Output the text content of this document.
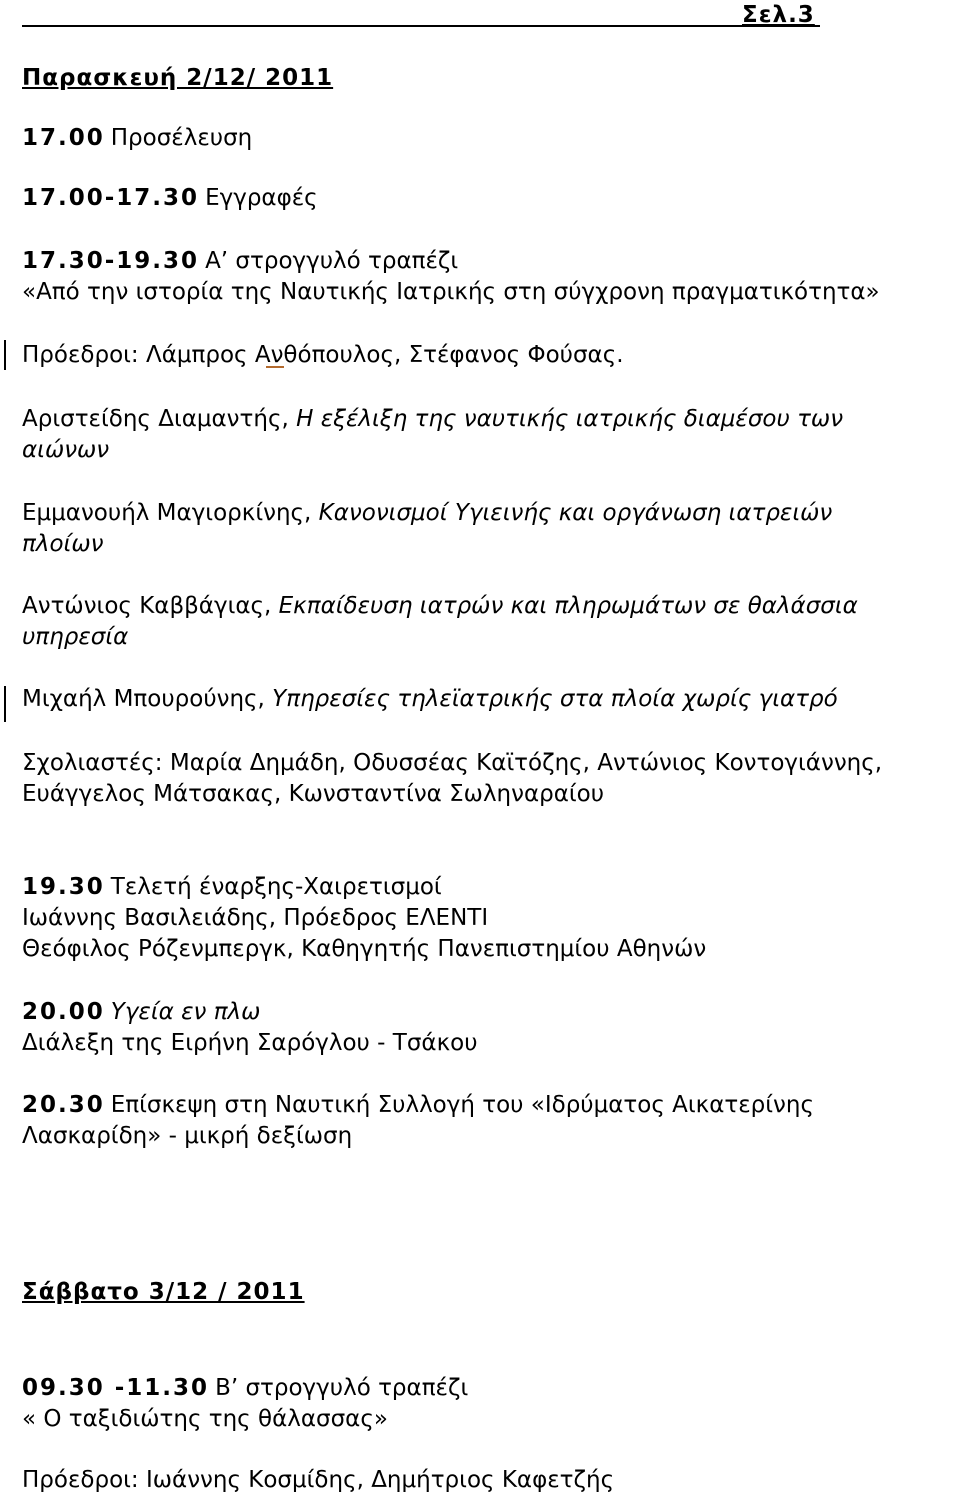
Σελ.3
Παρασκευή 2/12/ 2011
17.00 Προσέλευση
17.00-17.30 Εγγραφές
17.30-19.30 Α’ στρογγυλό τραπέζι
«Από την ιστορία της Ναυτικής Ιατρικής στη σύγχρονη πραγματικότητα»
Πρόεδροι: Λάμπρος Ανθόπουλος, Στέφανος Φούσας.
Αριστείδης Διαμαντής, Η εξέλιξη της ναυτικής ιατρικής διαμέσου των
αιώνων
Εμμανουήλ Μαγιορκίνης, Κανονισμοί Υγιεινής και οργάνωση ιατρειών
πλοίων
Αντώνιος Καββάγιας, Εκπαίδευση ιατρών και πληρωμάτων σε θαλάσσια
υπηρεσία
Μιχαήλ Μπουρούνης, Υπηρεσίες τηλεϊατρικής στα πλοία χωρίς γιατρό
Σχολιαστές: Μαρία Δημάδη, Οδυσσέας Καϊτόζης, Αντώνιος Κοντογιάννης,
Ευάγγελος Μάτσακας, Κωνσταντίνα Σωληναραίου
19.30 Τελετή έναρξης-Χαιρετισμοί
Ιωάννης Βασιλειάδης, Πρόεδρος ΕΛΕΝΤΙ
Θεόφιλος Ρόζενμπεργκ, Καθηγητής Πανεπιστημίου Αθηνών
20.00 Υγεία εν πλω
Διάλεξη της Ειρήνη Σαρόγλου - Τσάκου
20.30 Επίσκεψη στη Ναυτική Συλλογή του «Ιδρύματος Αικατερίνης
Λασκαρίδη» - μικρή δεξίωση
Σάββατο 3/12 / 2011
09.30 -11.30 Β’ στρογγυλό τραπέζι
« Ο ταξιδιώτης της θάλασσας»
Πρόεδροι: Ιωάννης Κοσμίδης, Δημήτριος Καφετζής
